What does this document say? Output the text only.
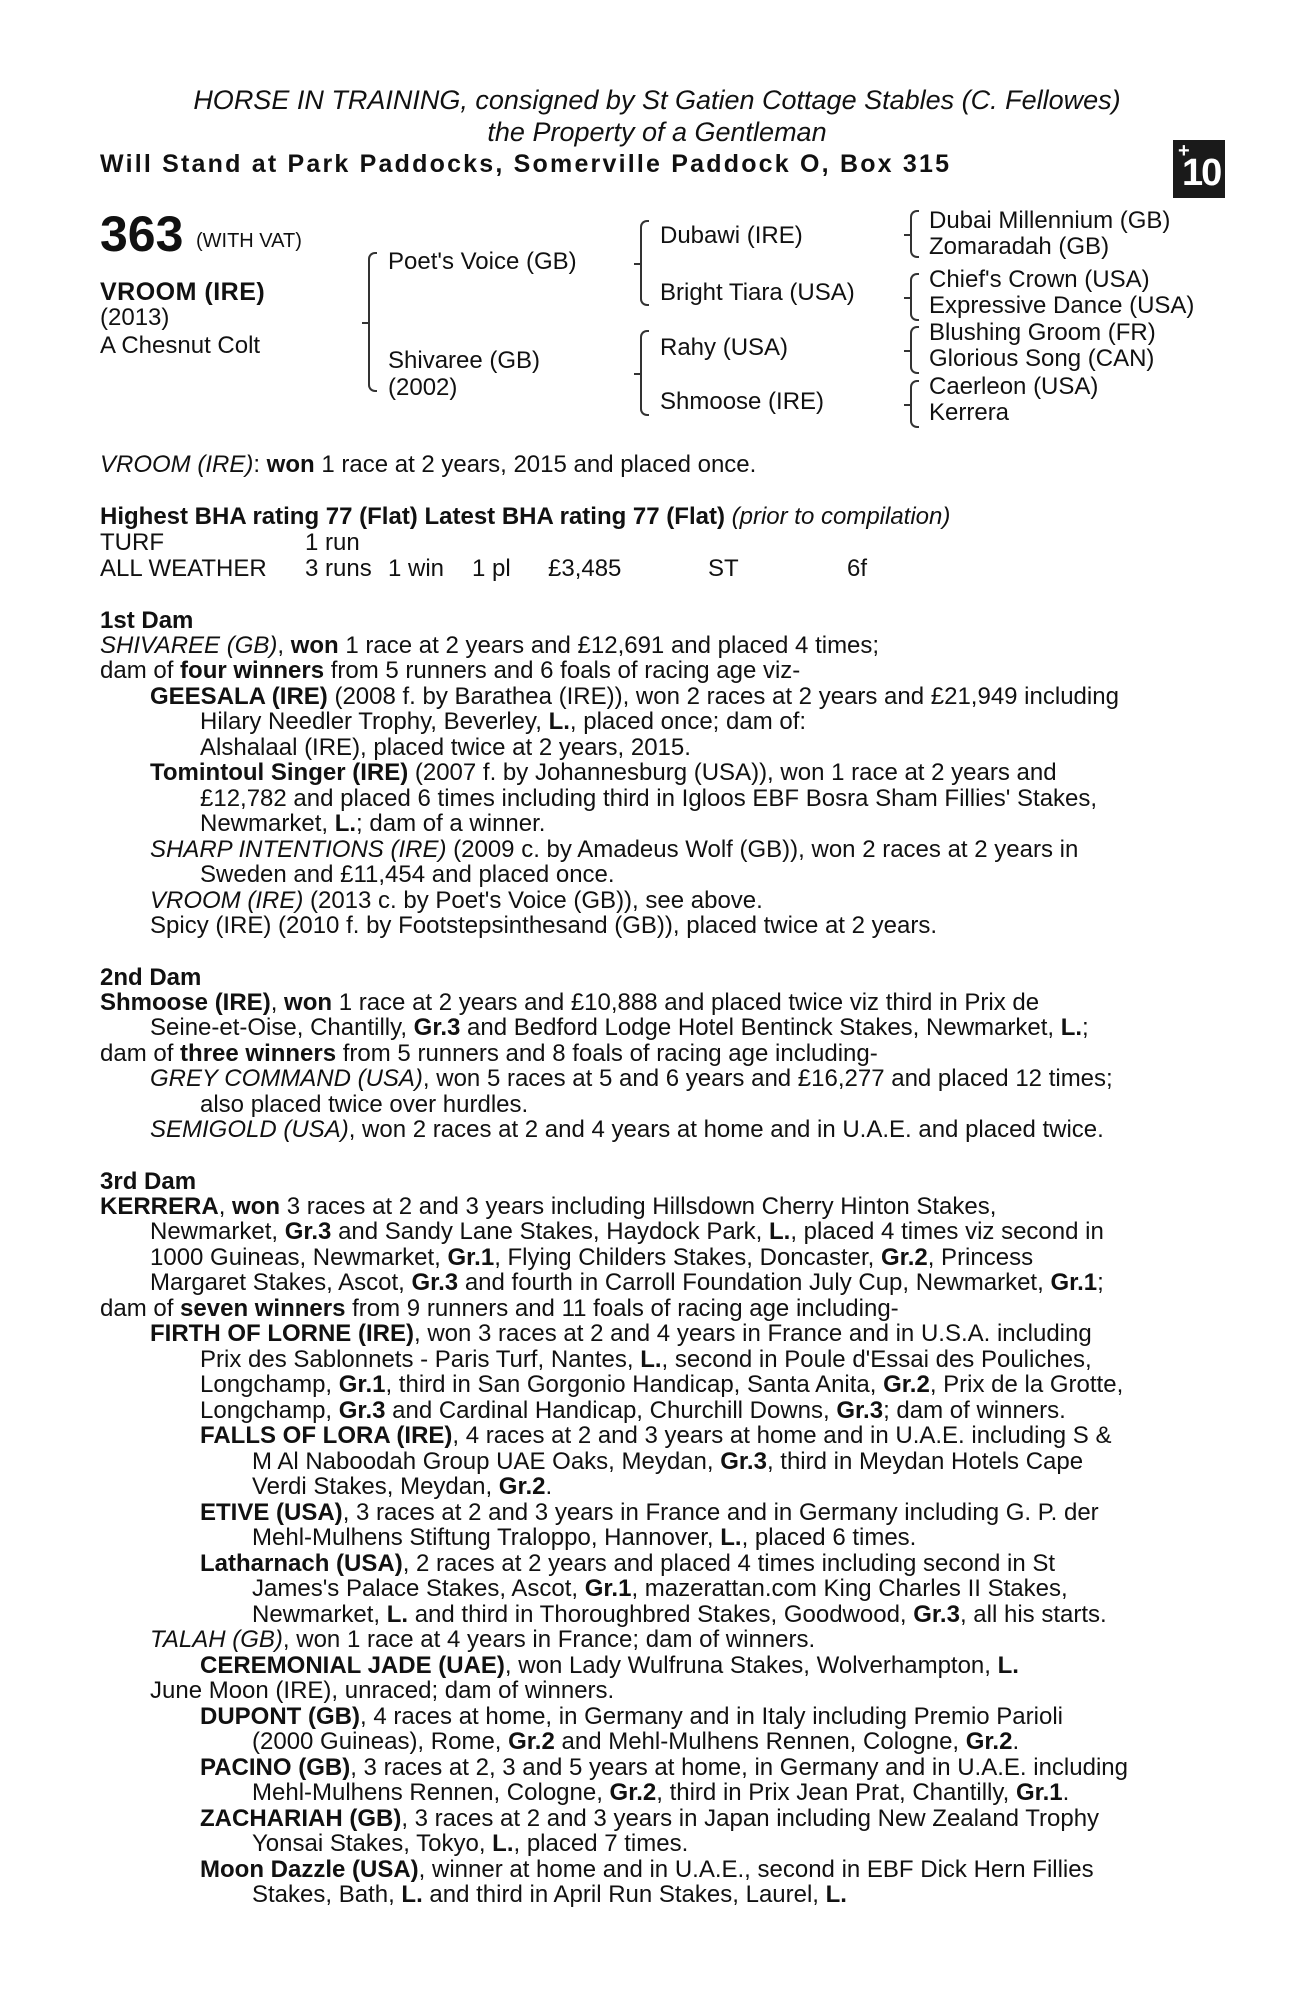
HORSE IN TRAINING, consigned by St Gatien Cottage Stables (C. Fellowes)
the Property of a Gentleman
Will Stand at Park Paddocks, Somerville Paddock O, Box 315	+
10
363 (WITH VAT)
VROOM (IRE)
(2013)
A Chesnut Colt
Poet's Voice (GB)
Shivaree (GB)
(2002)
Dubawi (IRE)
Bright Tiara (USA)
Rahy (USA)
Shmoose (IRE)
Dubai Millennium (GB)
Zomaradah (GB)
Chief's Crown (USA)
Expressive Dance (USA)
Blushing Groom (FR)
Glorious Song (CAN)
Caerleon (USA)
Kerrera
VROOM (IRE): won 1 race at 2 years, 2015 and placed once.
Highest BHA rating 77 (Flat) Latest BHA rating 77 (Flat) (prior to compilation)
TURF	1 run
ALL WEATHER 3 runs 1 win 1 pl £3,485	ST	6f
1st Dam
SHIVAREE (GB), won 1 race at 2 years and £12,691 and placed 4 times;
dam of four winners from 5 runners and 6 foals of racing age viz-
GEESALA (IRE) (2008 f. by Barathea (IRE)), won 2 races at 2 years and £21,949 including
Hilary Needler Trophy, Beverley, L., placed once; dam of:
Alshalaal (IRE), placed twice at 2 years, 2015.
Tomintoul Singer (IRE) (2007 f. by Johannesburg (USA)), won 1 race at 2 years and
£12,782 and placed 6 times including third in Igloos EBF Bosra Sham Fillies' Stakes,
Newmarket, L.; dam of a winner.
SHARP INTENTIONS (IRE) (2009 c. by Amadeus Wolf (GB)), won 2 races at 2 years in
Sweden and £11,454 and placed once.
VROOM (IRE) (2013 c. by Poet's Voice (GB)), see above.
Spicy (IRE) (2010 f. by Footstepsinthesand (GB)), placed twice at 2 years.
2nd Dam
Shmoose (IRE), won 1 race at 2 years and £10,888 and placed twice viz third in Prix de
Seine-et-Oise, Chantilly, Gr.3 and Bedford Lodge Hotel Bentinck Stakes, Newmarket, L.;
dam of three winners from 5 runners and 8 foals of racing age including-
GREY COMMAND (USA), won 5 races at 5 and 6 years and £16,277 and placed 12 times;
also placed twice over hurdles.
SEMIGOLD (USA), won 2 races at 2 and 4 years at home and in U.A.E. and placed twice.
3rd Dam
KERRERA, won 3 races at 2 and 3 years including Hillsdown Cherry Hinton Stakes,
Newmarket, Gr.3 and Sandy Lane Stakes, Haydock Park, L., placed 4 times viz second in
1000 Guineas, Newmarket, Gr.1, Flying Childers Stakes, Doncaster, Gr.2, Princess
Margaret Stakes, Ascot, Gr.3 and fourth in Carroll Foundation July Cup, Newmarket, Gr.1;
dam of seven winners from 9 runners and 11 foals of racing age including-
FIRTH OF LORNE (IRE), won 3 races at 2 and 4 years in France and in U.S.A. including
Prix des Sablonnets - Paris Turf, Nantes, L., second in Poule d'Essai des Pouliches,
Longchamp, Gr.1, third in San Gorgonio Handicap, Santa Anita, Gr.2, Prix de la Grotte,
Longchamp, Gr.3 and Cardinal Handicap, Churchill Downs, Gr.3; dam of winners.
FALLS OF LORA (IRE), 4 races at 2 and 3 years at home and in U.A.E. including S &
M Al Naboodah Group UAE Oaks, Meydan, Gr.3, third in Meydan Hotels Cape
Verdi Stakes, Meydan, Gr.2.
ETIVE (USA), 3 races at 2 and 3 years in France and in Germany including G. P. der
Mehl-Mulhens Stiftung Traloppo, Hannover, L., placed 6 times.
Latharnach (USA), 2 races at 2 years and placed 4 times including second in St
James's Palace Stakes, Ascot, Gr.1, mazerattan.com King Charles II Stakes,
Newmarket, L. and third in Thoroughbred Stakes, Goodwood, Gr.3, all his starts.
TALAH (GB), won 1 race at 4 years in France; dam of winners.
CEREMONIAL JADE (UAE), won Lady Wulfruna Stakes, Wolverhampton, L.
June Moon (IRE), unraced; dam of winners.
DUPONT (GB), 4 races at home, in Germany and in Italy including Premio Parioli
(2000 Guineas), Rome, Gr.2 and Mehl-Mulhens Rennen, Cologne, Gr.2.
PACINO (GB), 3 races at 2, 3 and 5 years at home, in Germany and in U.A.E. including
Mehl-Mulhens Rennen, Cologne, Gr.2, third in Prix Jean Prat, Chantilly, Gr.1.
ZACHARIAH (GB), 3 races at 2 and 3 years in Japan including New Zealand Trophy
Yonsai Stakes, Tokyo, L., placed 7 times.
Moon Dazzle (USA), winner at home and in U.A.E., second in EBF Dick Hern Fillies
Stakes, Bath, L. and third in April Run Stakes, Laurel, L.
